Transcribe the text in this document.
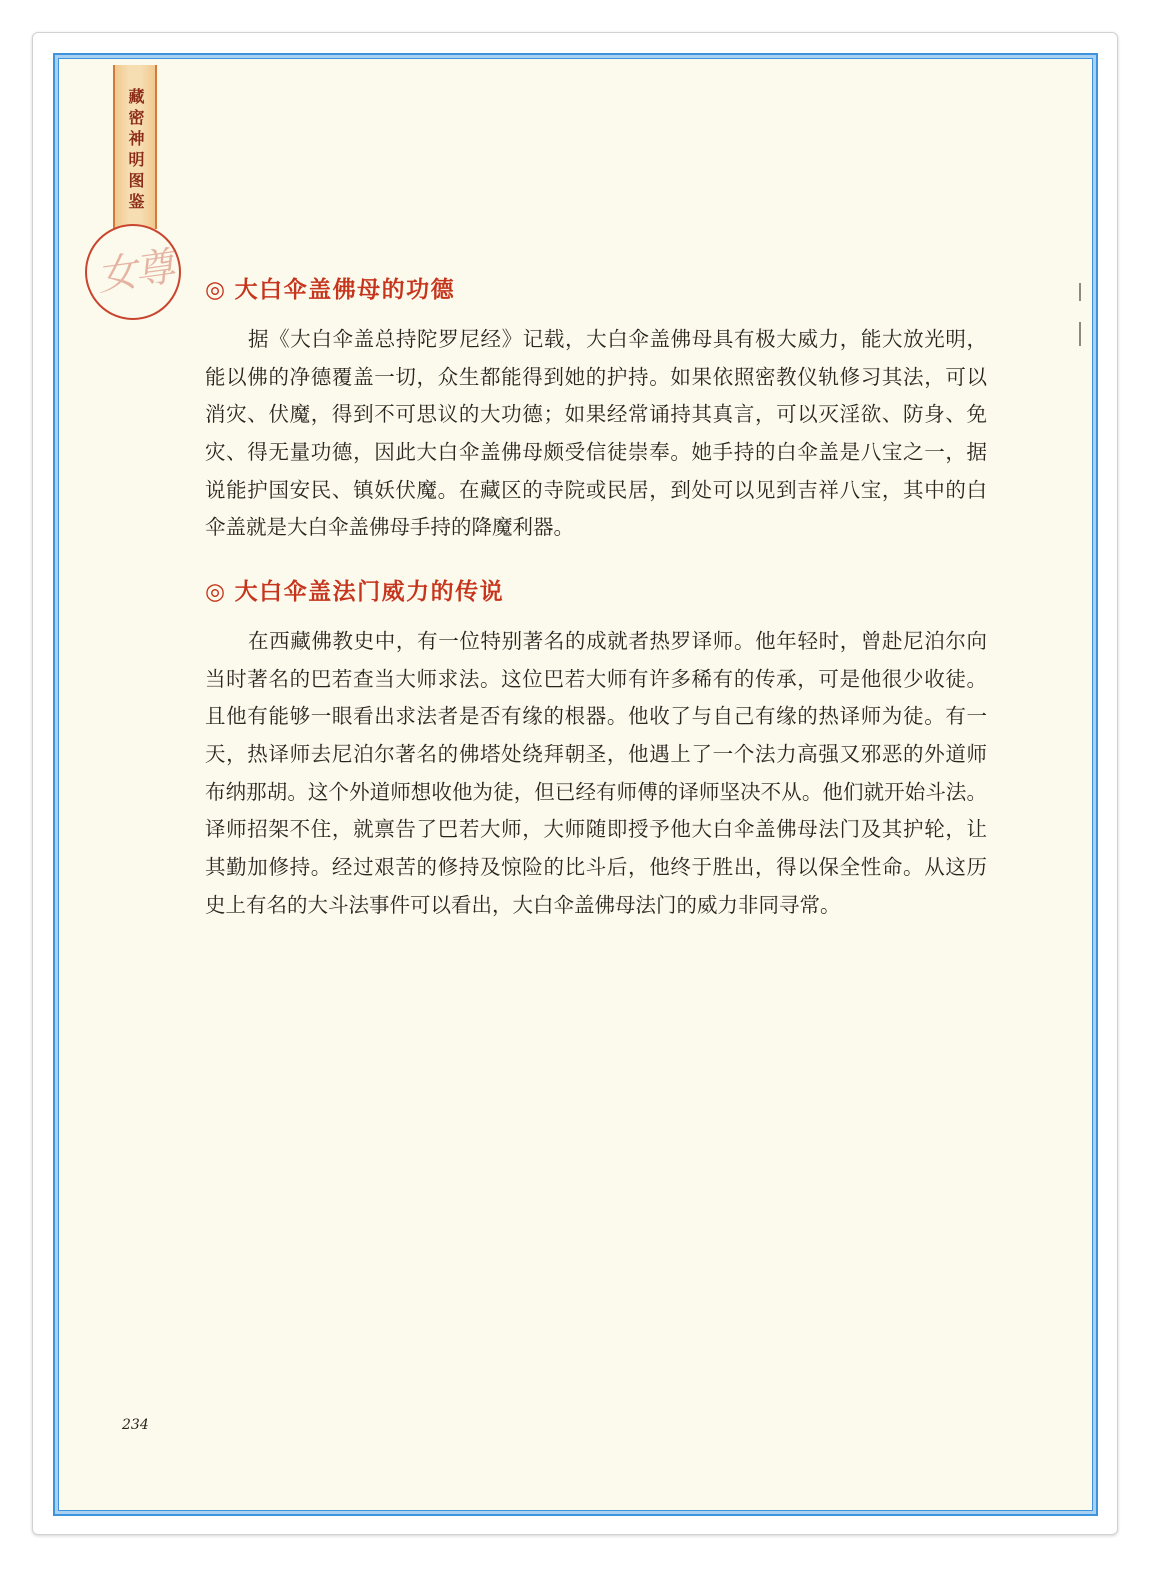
藏密神明图鉴
女尊	◎ 大白伞盖佛母的功德
据《大白伞盖总持陀罗尼经》记载，大白伞盖佛母具有极大威力，能大放光明，
能以佛的净德覆盖一切，众生都能得到她的护持。如果依照密教仪轨修习其法，可以
消灾、伏魔，得到不可思议的大功德；如果经常诵持其真言，可以灭淫欲、防身、免
灾、得无量功德，因此大白伞盖佛母颇受信徒崇奉。她手持的白伞盖是八宝之一，据
说能护国安民、镇妖伏魔。在藏区的寺院或民居，到处可以见到吉祥八宝，其中的白
伞盖就是大白伞盖佛母手持的降魔利器。
◎ 大白伞盖法门威力的传说
在西藏佛教史中，有一位特别著名的成就者热罗译师。他年轻时，曾赴尼泊尔向
当时著名的巴若查当大师求法。这位巴若大师有许多稀有的传承，可是他很少收徒。
且他有能够一眼看出求法者是否有缘的根器。他收了与自己有缘的热译师为徒。有一
天，热译师去尼泊尔著名的佛塔处绕拜朝圣，他遇上了一个法力高强又邪恶的外道师
布纳那胡。这个外道师想收他为徒，但已经有师傅的译师坚决不从。他们就开始斗法。
译师招架不住，就禀告了巴若大师，大师随即授予他大白伞盖佛母法门及其护轮，让
其勤加修持。经过艰苦的修持及惊险的比斗后，他终于胜出，得以保全性命。从这历
史上有名的大斗法事件可以看出，大白伞盖佛母法门的威力非同寻常。
234
